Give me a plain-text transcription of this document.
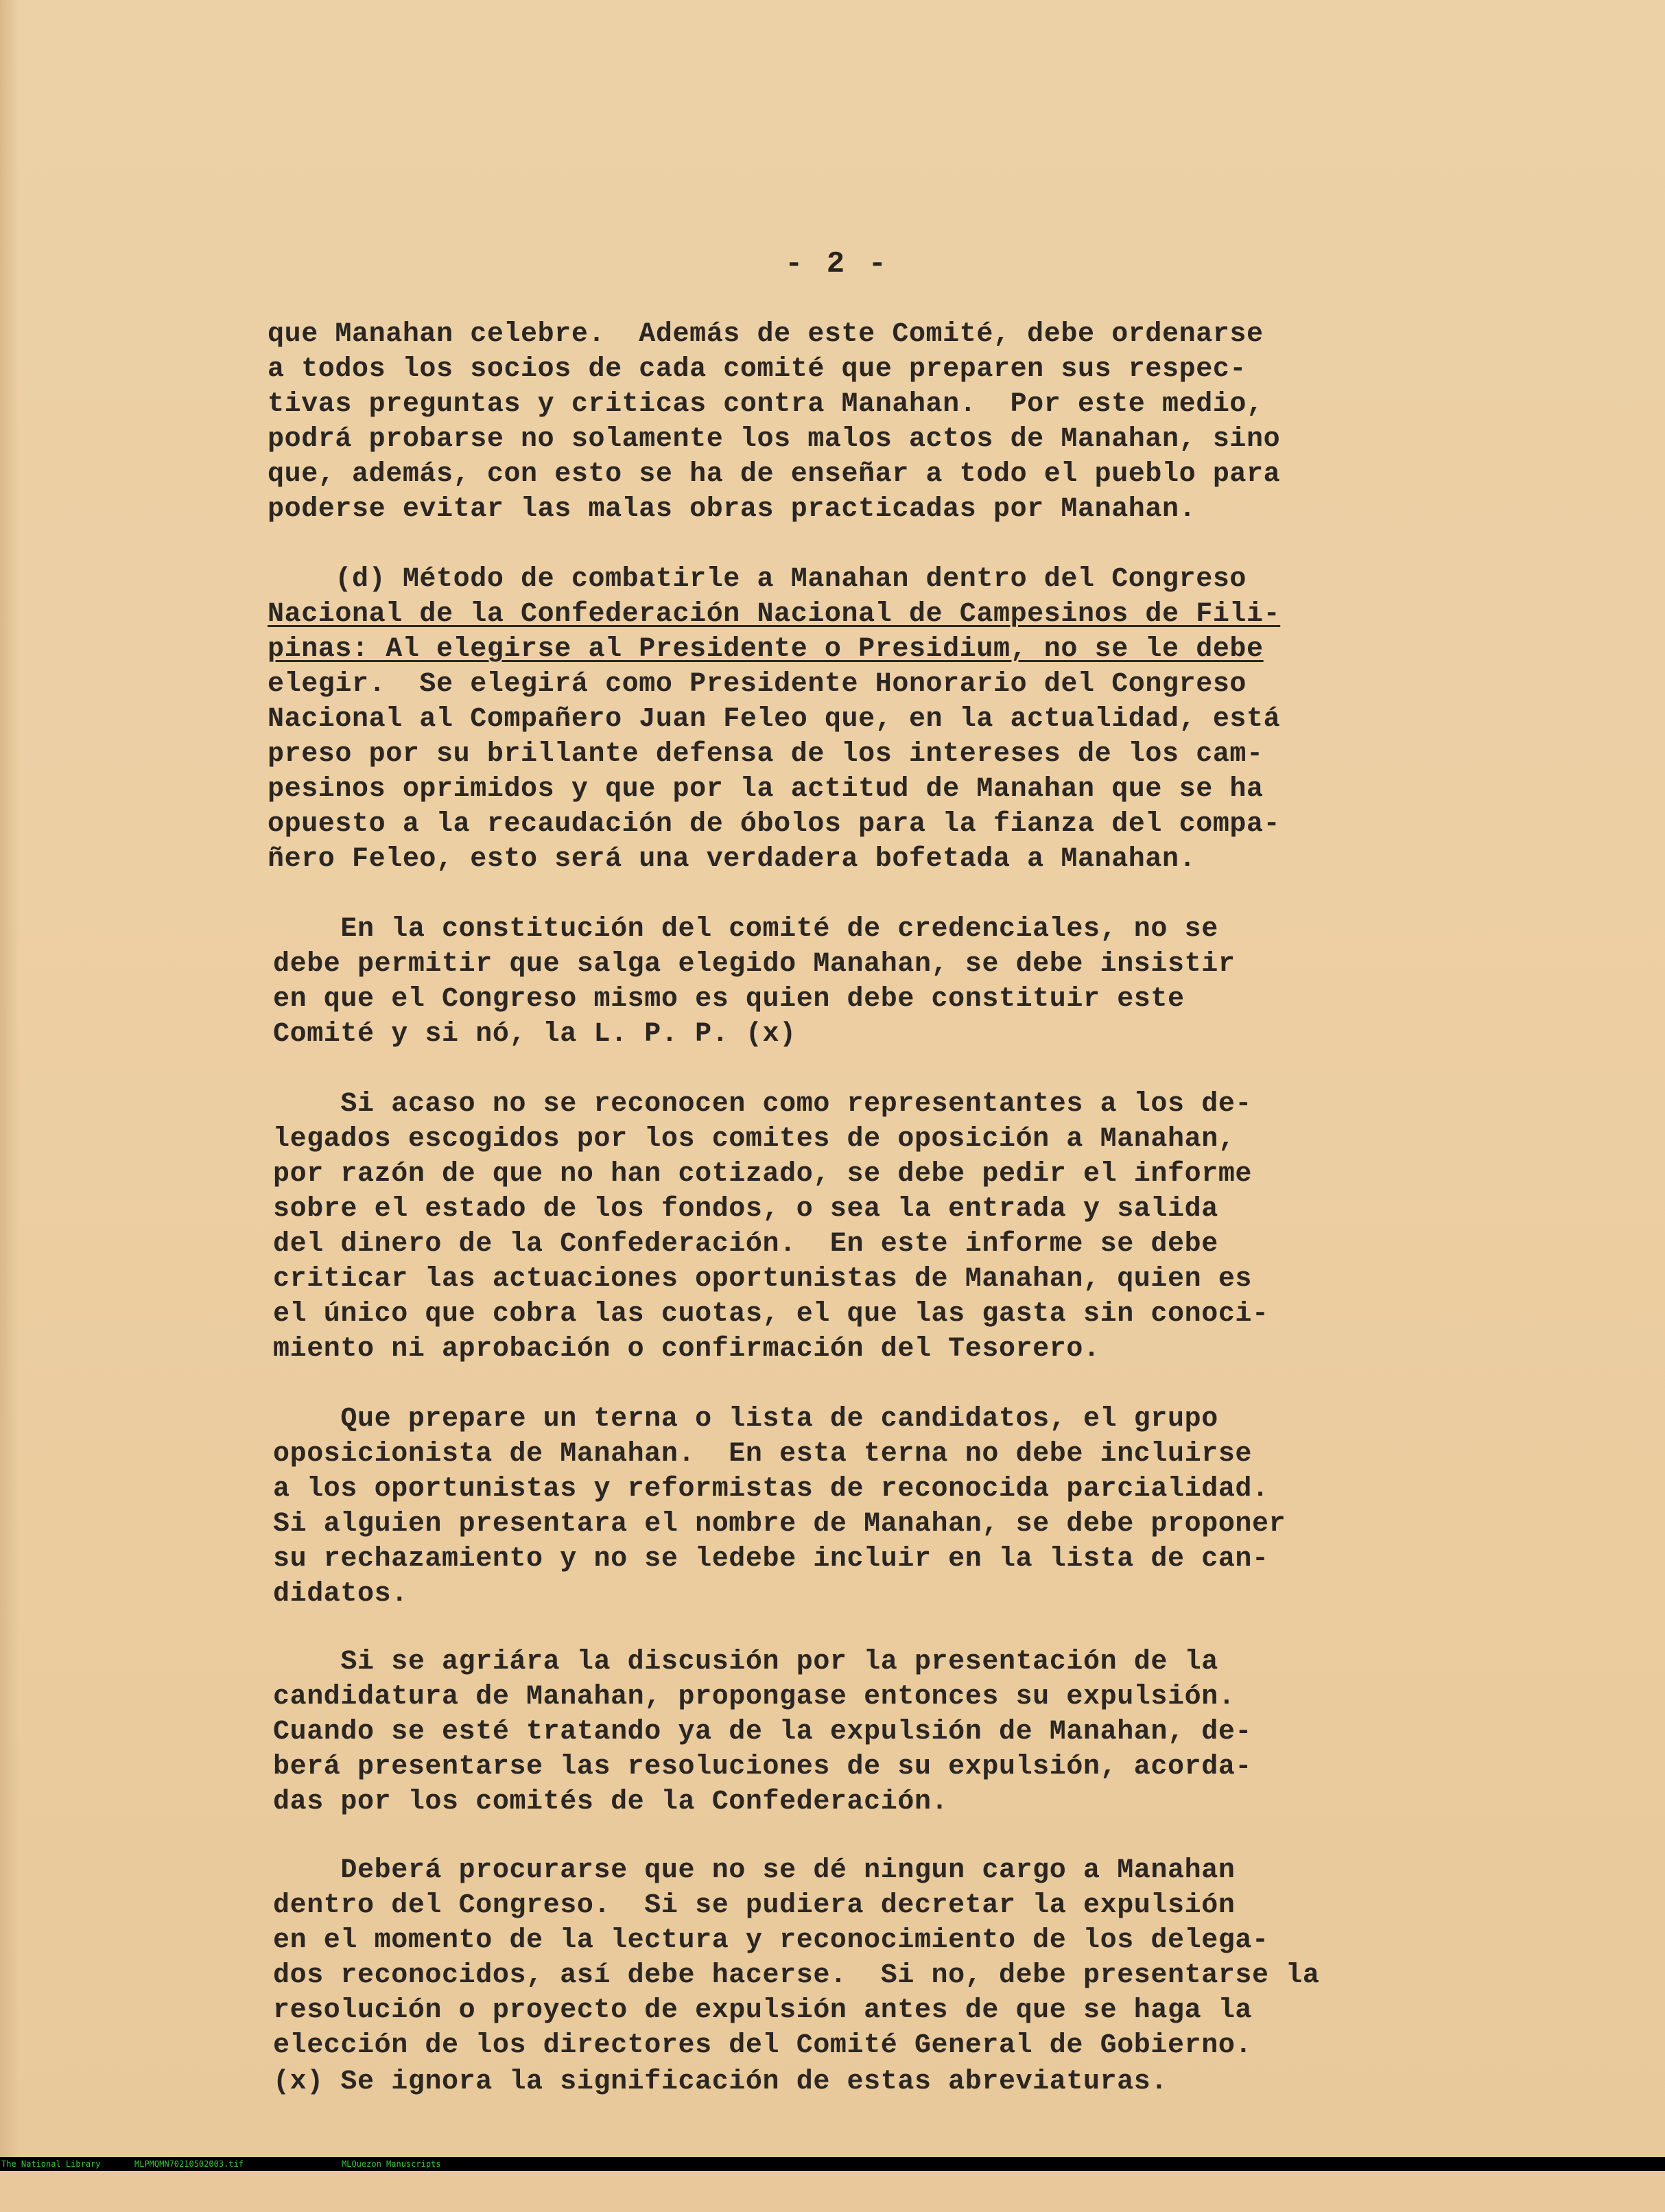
- 2 -
que Manahan celebre.  Además de este Comité, debe ordenarse
a todos los socios de cada comité que preparen sus respec-
tivas preguntas y criticas contra Manahan.  Por este medio,
podrá probarse no solamente los malos actos de Manahan, sino
que, además, con esto se ha de enseñar a todo el pueblo para
poderse evitar las malas obras practicadas por Manahan.
(d) Método de combatirle a Manahan dentro del Congreso
Nacional de la Confederación Nacional de Campesinos de Fili-
pinas: Al elegirse al Presidente o Presidium, no se le debe
elegir.  Se elegirá como Presidente Honorario del Congreso
Nacional al Compañero Juan Feleo que, en la actualidad, está
preso por su brillante defensa de los intereses de los cam-
pesinos oprimidos y que por la actitud de Manahan que se ha
opuesto a la recaudación de óbolos para la fianza del compa-
ñero Feleo, esto será una verdadera bofetada a Manahan.
En la constitución del comité de credenciales, no se
debe permitir que salga elegido Manahan, se debe insistir
en que el Congreso mismo es quien debe constituir este
Comité y si nó, la L. P. P. (x)
Si acaso no se reconocen como representantes a los de-
legados escogidos por los comites de oposición a Manahan,
por razón de que no han cotizado, se debe pedir el informe
sobre el estado de los fondos, o sea la entrada y salida
del dinero de la Confederación.  En este informe se debe
criticar las actuaciones oportunistas de Manahan, quien es
el único que cobra las cuotas, el que las gasta sin conoci-
miento ni aprobación o confirmación del Tesorero.
Que prepare un terna o lista de candidatos, el grupo
oposicionista de Manahan.  En esta terna no debe incluirse
a los oportunistas y reformistas de reconocida parcialidad.
Si alguien presentara el nombre de Manahan, se debe proponer
su rechazamiento y no se ledebe incluir en la lista de can-
didatos.
Si se agriára la discusión por la presentación de la
candidatura de Manahan, propongase entonces su expulsión.
Cuando se esté tratando ya de la expulsión de Manahan, de-
berá presentarse las resoluciones de su expulsión, acorda-
das por los comités de la Confederación.
Deberá procurarse que no se dé ningun cargo a Manahan
dentro del Congreso.  Si se pudiera decretar la expulsión
en el momento de la lectura y reconocimiento de los delega-
dos reconocidos, así debe hacerse.  Si no, debe presentarse la
resolución o proyecto de expulsión antes de que se haga la
elección de los directores del Comité General de Gobierno.
(x) Se ignora la significación de estas abreviaturas.

The National Library

	MLPMQMN70210502003.tif

	MLQuezon Manuscripts
